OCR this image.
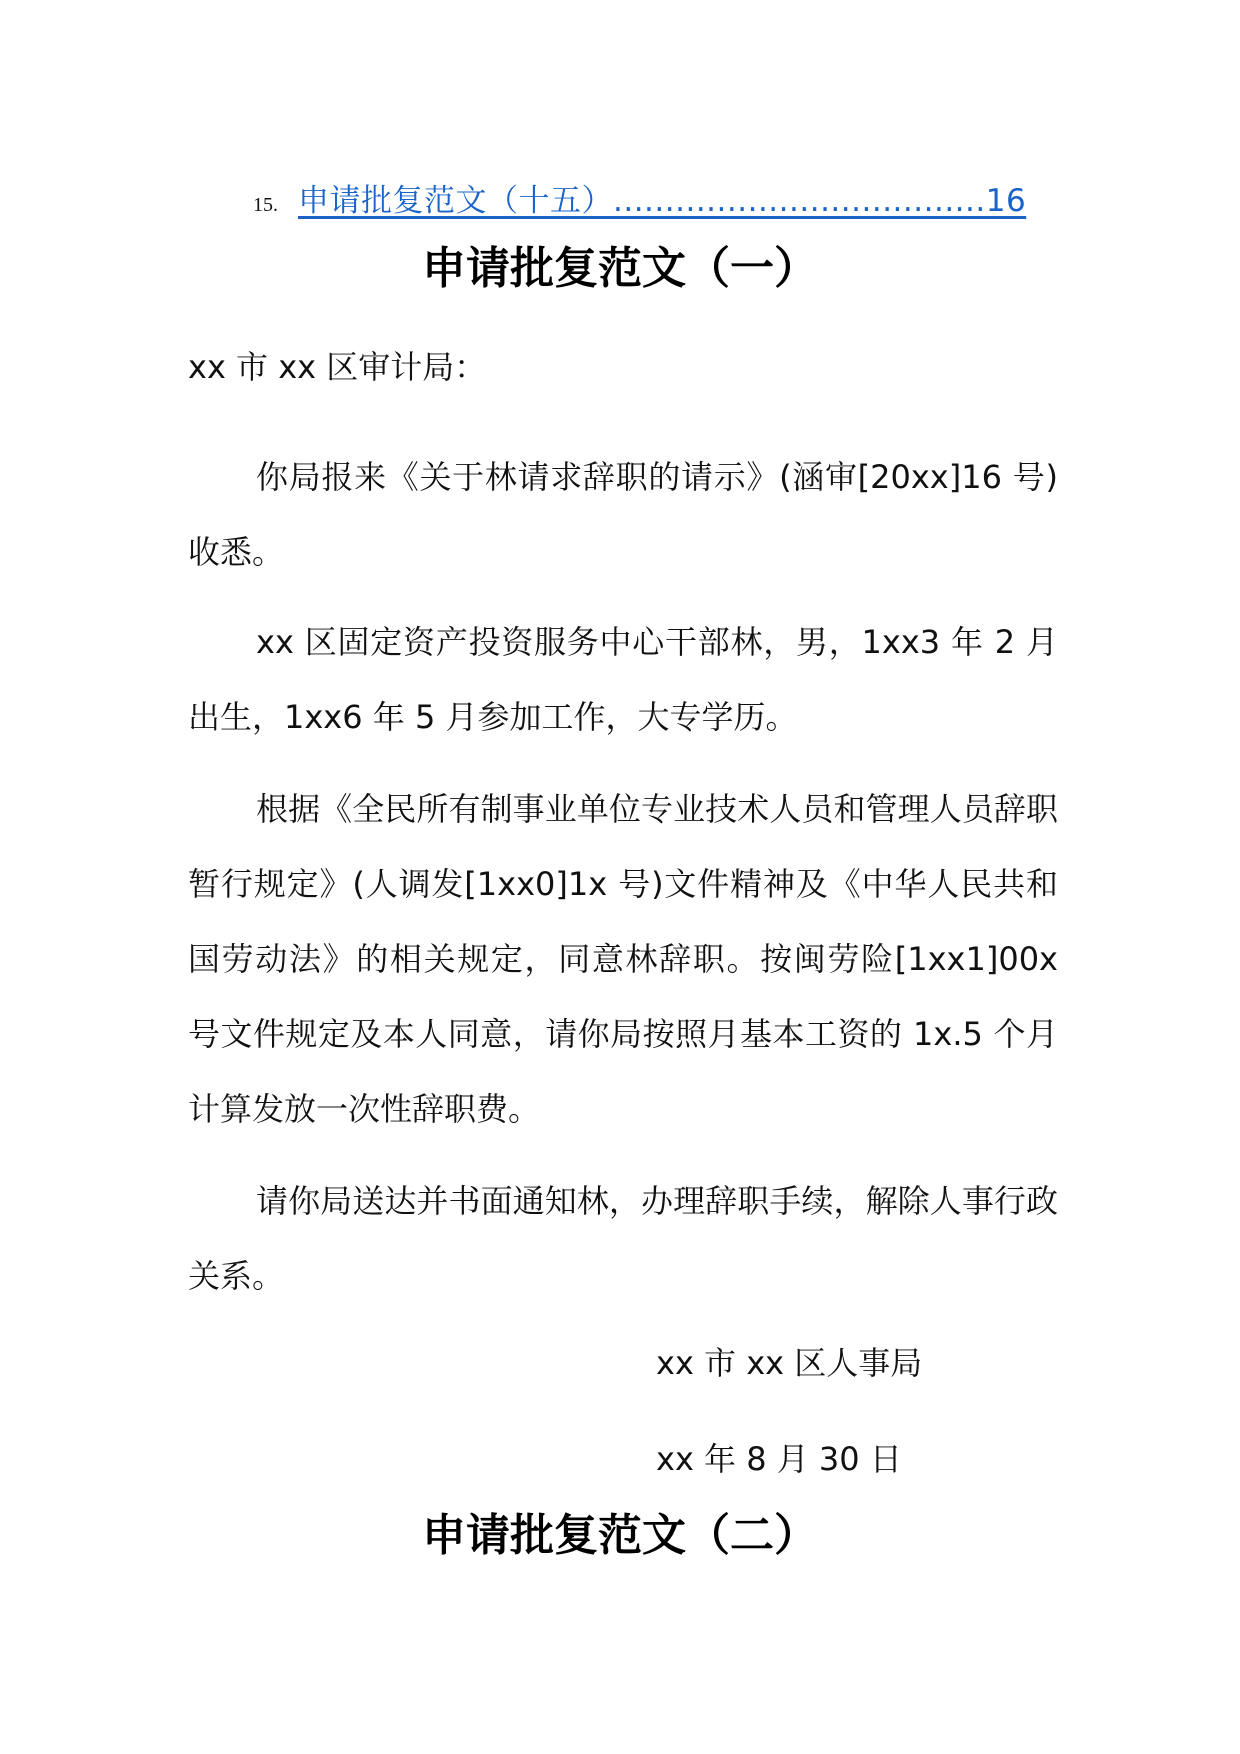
15. 申请批复范文（十五）....................................16
申请批复范文（一）

xx 市 xx 区审计局：

你局报来《关于林请求辞职的请示》(涵审[20xx]16 号)收悉。

xx 区固定资产投资服务中心干部林，男，1xx3 年 2 月出生，1xx6 年 5 月参加工作，大专学历。

根据《全民所有制事业单位专业技术人员和管理人员辞职暂行规定》(人调发[1xx0]1x 号)文件精神及《中华人民共和国劳动法》的相关规定，同意林辞职。按闽劳险[1xx1]00x 号文件规定及本人同意，请你局按照月基本工资的 1x.5 个月计算发放一次性辞职费。

请你局送达并书面通知林，办理辞职手续，解除人事行政关系。

xx 市 xx 区人事局
xx 年 8 月 30 日
申请批复范文（二）
